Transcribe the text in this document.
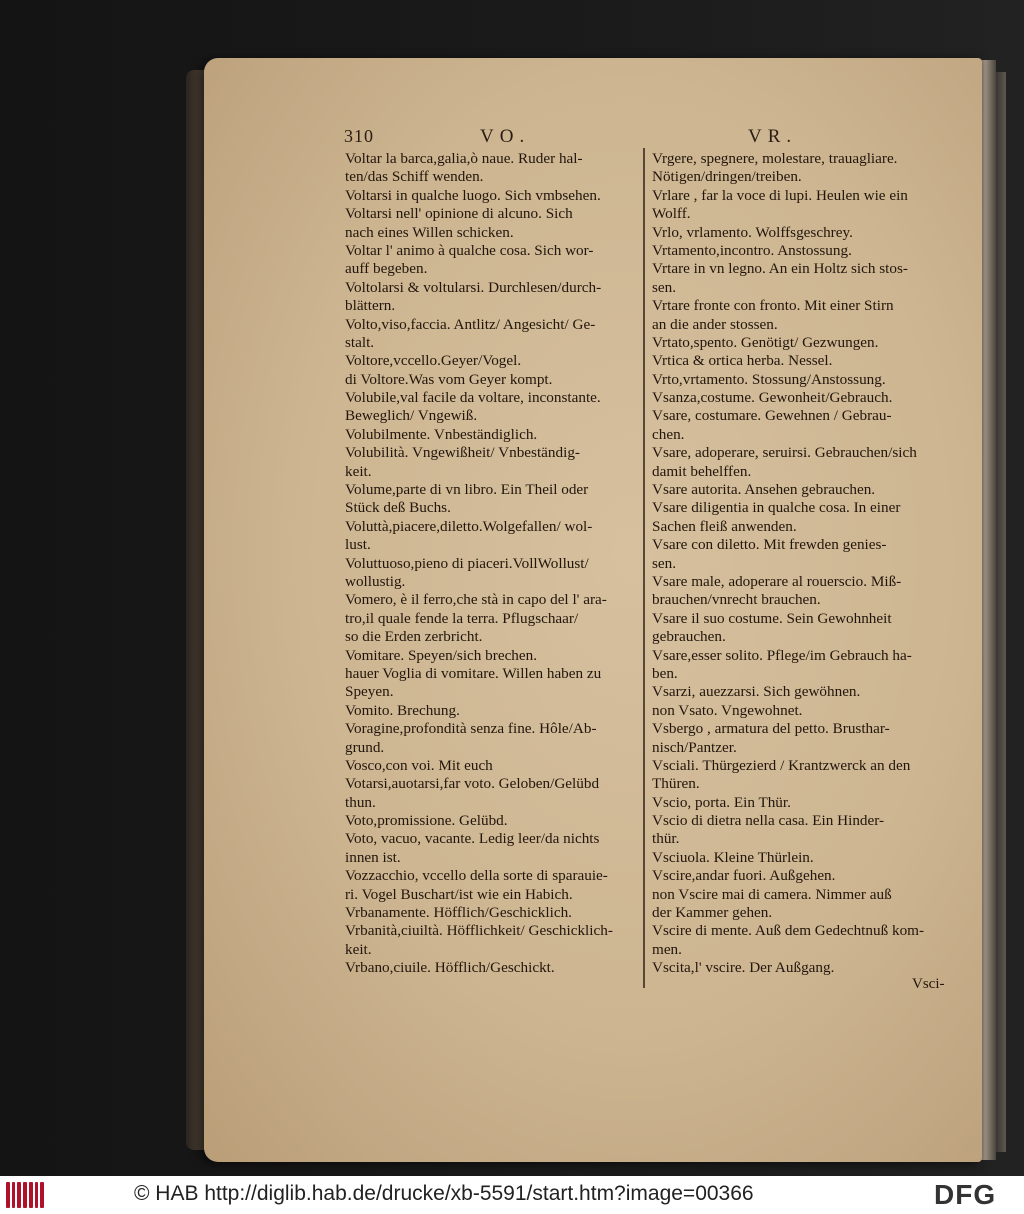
310	VO.	VR.
Voltar la barca,galia,ò naue. Ruder hal-
ten/das Schiff wenden.
Voltarsi in qualche luogo. Sich vmbsehen.
Voltarsi nell' opinione di alcuno. Sich
nach eines Willen schicken.
Voltar l' animo à qualche cosa. Sich wor-
auff begeben.
Voltolarsi & voltularsi. Durchlesen/durch-
blättern.
Volto,viso,faccia. Antlitz/ Angesicht/ Ge-
stalt.
Voltore,vccello.Geyer/Vogel.
di Voltore.Was vom Geyer kompt.
Volubile,val facile da voltare, inconstante.
Beweglich/ Vngewiß.
Volubilmente. Vnbeständiglich.
Volubilità. Vngewißheit/ Vnbeständig-
keit.
Volume,parte di vn libro. Ein Theil oder
Stück deß Buchs.
Voluttà,piacere,diletto.Wolgefallen/ wol-
lust.
Voluttuoso,pieno di piaceri.VollWollust/
wollustig.
Vomero, è il ferro,che stà in capo del l' ara-
tro,il quale fende la terra. Pflugschaar/
so die Erden zerbricht.
Vomitare. Speyen/sich brechen.
hauer Voglia di vomitare. Willen haben zu
Speyen.
Vomito. Brechung.
Voragine,profondità senza fine. Hôle/Ab-
grund.
Vosco,con voi. Mit euch
Votarsi,auotarsi,far voto. Geloben/Gelübd
thun.
Voto,promissione. Gelübd.
Voto, vacuo, vacante. Ledig leer/da nichts
innen ist.
Vozzacchio, vccello della sorte di sparauie-
ri. Vogel Buschart/ist wie ein Habich.
Vrbanamente. Höfflich/Geschicklich.
Vrbanità,ciuiltà. Höfflichkeit/ Geschicklich-
keit.
Vrbano,ciuile. Höfflich/Geschickt.
Vrgere, spegnere, molestare, trauagliare.
Nötigen/dringen/treiben.
Vrlare , far la voce di lupi. Heulen wie ein
Wolff.
Vrlo, vrlamento. Wolffsgeschrey.
Vrtamento,incontro. Anstossung.
Vrtare in vn legno. An ein Holtz sich stos-
sen.
Vrtare fronte con fronto. Mit einer Stirn
an die ander stossen.
Vrtato,spento. Genötigt/ Gezwungen.
Vrtica & ortica herba. Nessel.
Vrto,vrtamento. Stossung/Anstossung.
Vsanza,costume. Gewonheit/Gebrauch.
Vsare, costumare. Gewehnen / Gebrau-
chen.
Vsare, adoperare, seruirsi. Gebrauchen/sich
damit behelffen.
Vsare autorita. Ansehen gebrauchen.
Vsare diligentia in qualche cosa. In einer
Sachen fleiß anwenden.
Vsare con diletto. Mit frewden genies-
sen.
Vsare male, adoperare al rouerscio. Miß-
brauchen/vnrecht brauchen.
Vsare il suo costume. Sein Gewohnheit
gebrauchen.
Vsare,esser solito. Pflege/im Gebrauch ha-
ben.
Vsarzi, auezzarsi. Sich gewöhnen.
non Vsato. Vngewohnet.
Vsbergo , armatura del petto. Brusthar-
nisch/Pantzer.
Vsciali. Thürgezierd / Krantzwerck an den
Thüren.
Vscio, porta. Ein Thür.
Vscio di dietra nella casa. Ein Hinder-
thür.
Vsciuola. Kleine Thürlein.
Vscire,andar fuori. Außgehen.
non Vscire mai di camera. Nimmer auß
der Kammer gehen.
Vscire di mente. Auß dem Gedechtnuß kom-
men.
Vscita,l' vscire. Der Außgang.
Vsci-
© HAB http://diglib.hab.de/drucke/xb-5591/start.htm?image=00366	DFG
